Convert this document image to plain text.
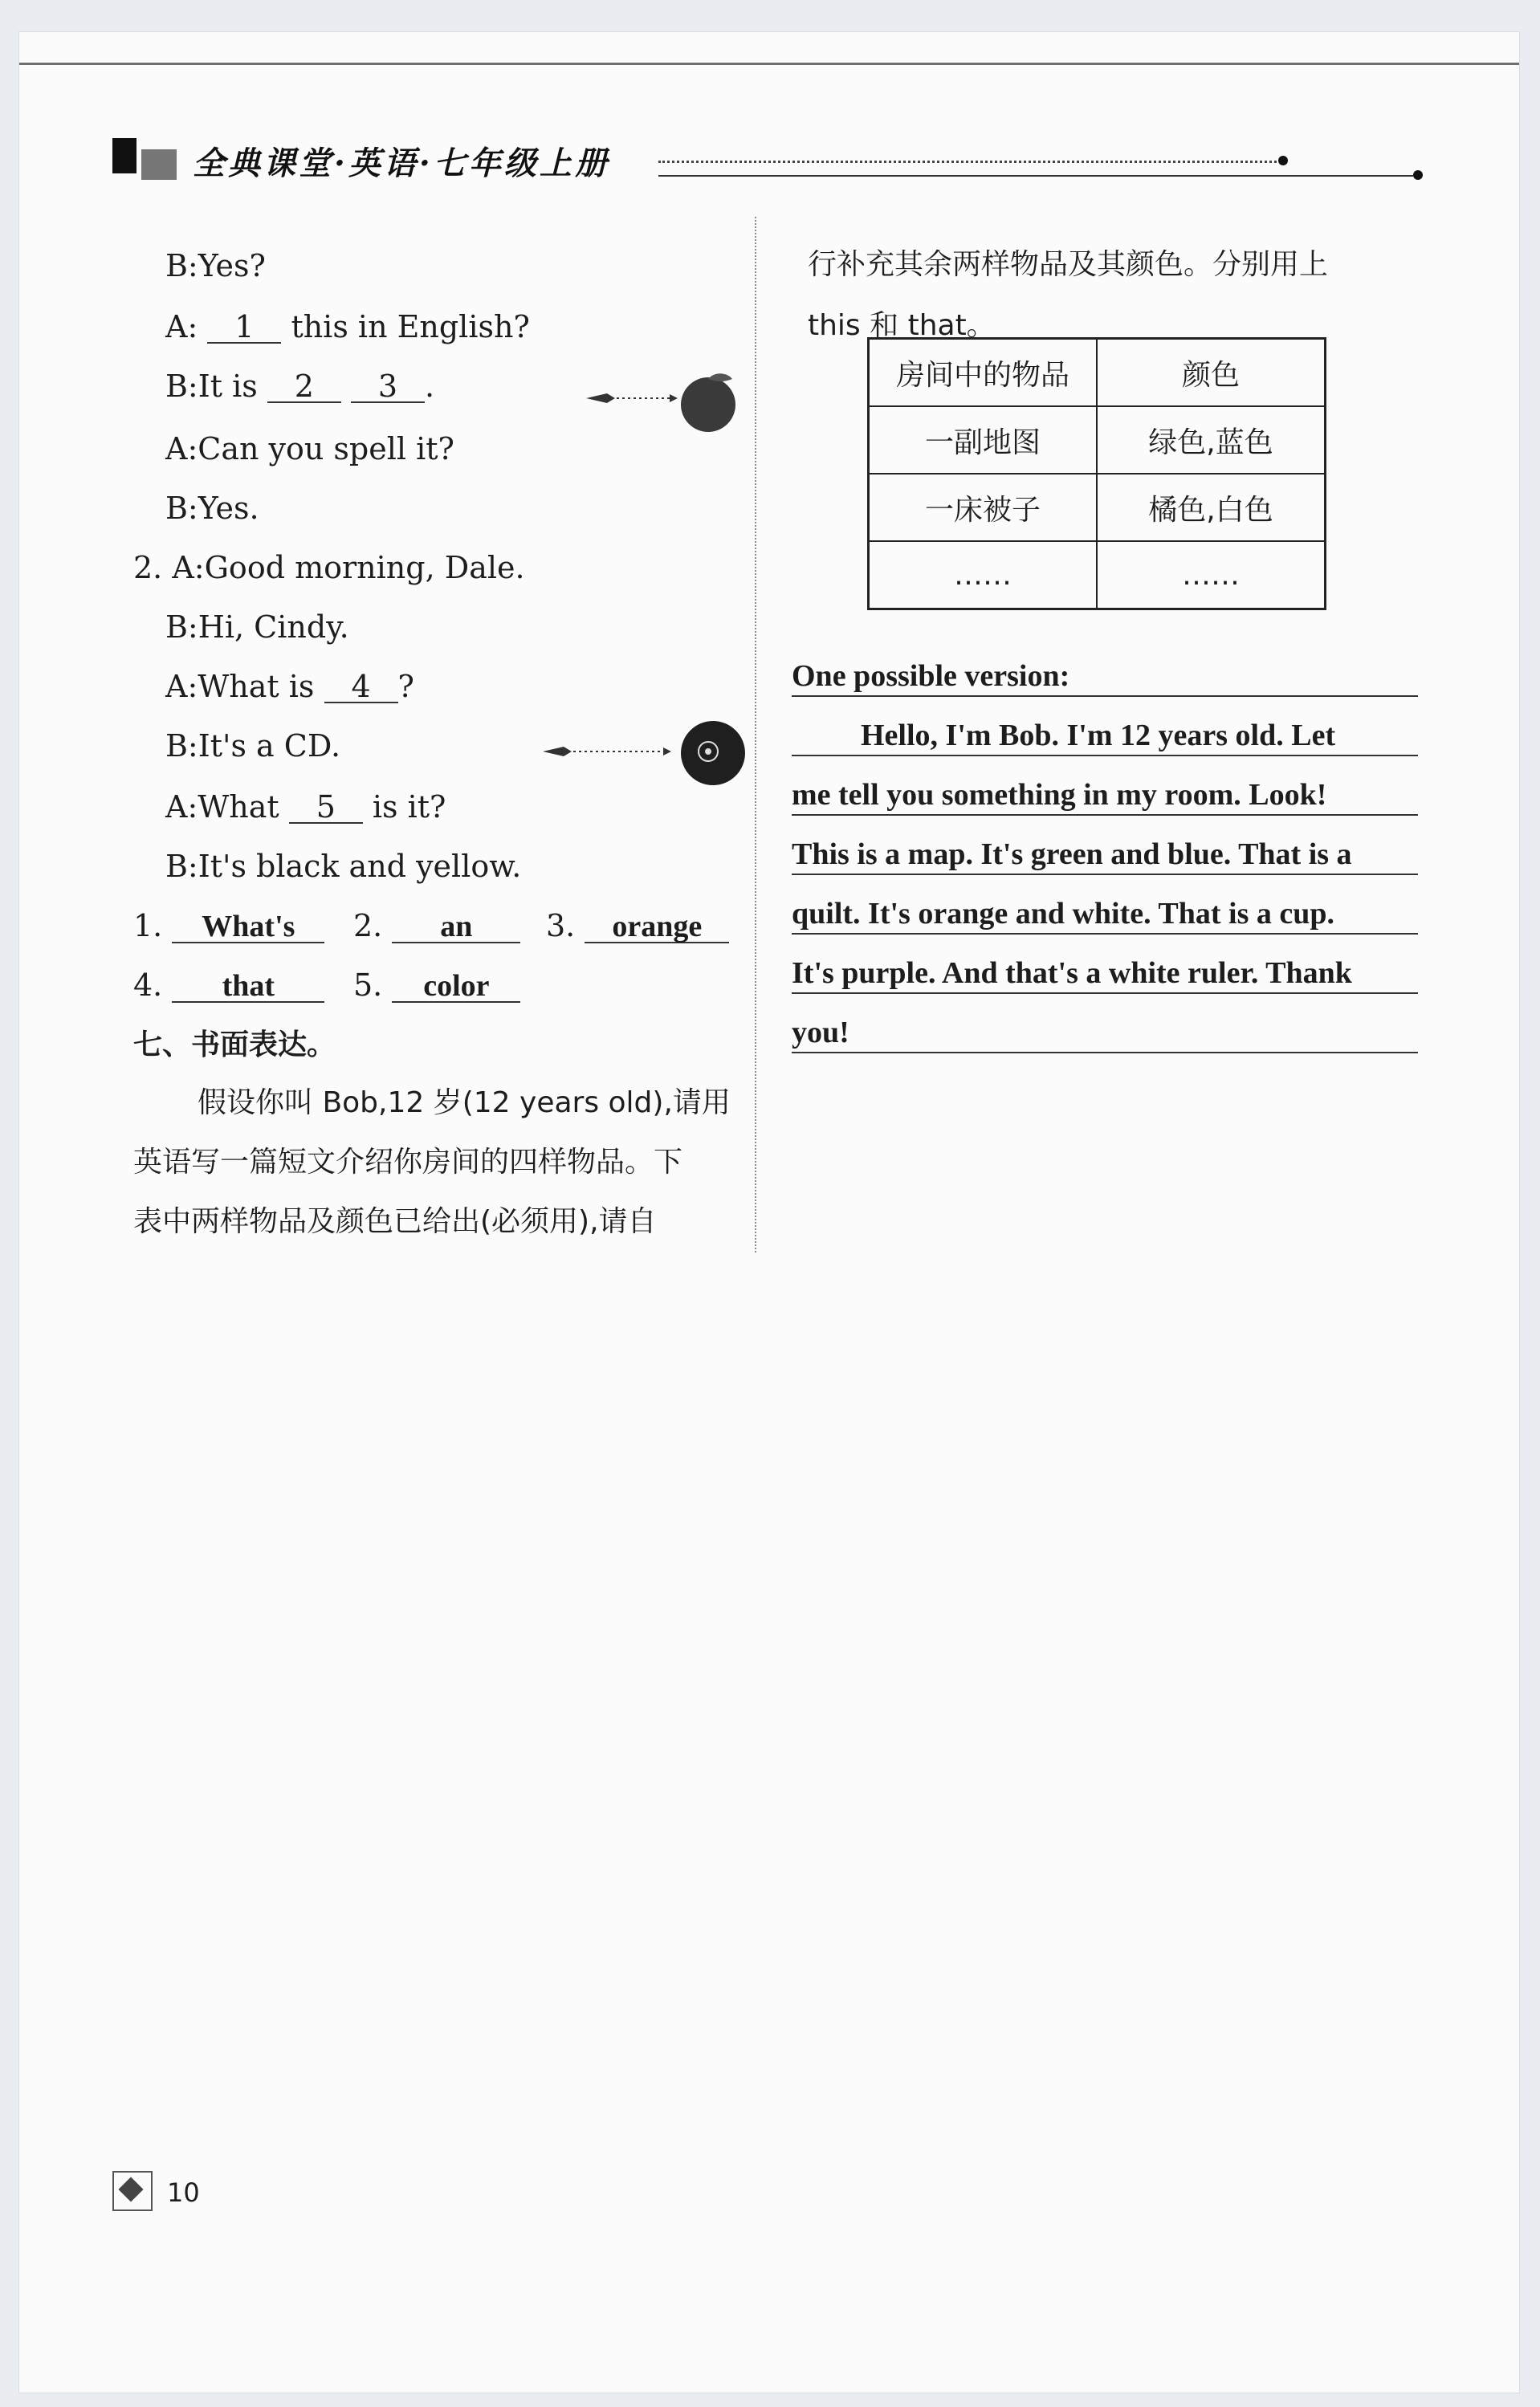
全典课堂·英语·七年级上册
B:Yes?
A: 1 this in English?
B:It is 2 3 .
A:Can you spell it?
B:Yes.
2. A:Good morning, Dale.
B:Hi, Cindy.
A:What is 4 ?
B:It's a CD.
A:What 5 is it?
B:It's black and yellow.
1. What's	2. an	3. orange
4. that	5. color
七、书面表达。
假设你叫 Bob,12 岁(12 years old),请用
英语写一篇短文介绍你房间的四样物品。下
表中两样物品及颜色已给出(必须用),请自
行补充其余两样物品及其颜色。分别用上
this 和 that。
房间中的物品	颜色
一副地图	绿色,蓝色
一床被子	橘色,白色
……	……
One possible version:
Hello, I'm Bob. I'm 12 years old. Let
me tell you something in my room. Look!
This is a map. It's green and blue. That is a
quilt. It's orange and white. That is a cup.
It's purple. And that's a white ruler. Thank
you!
10
